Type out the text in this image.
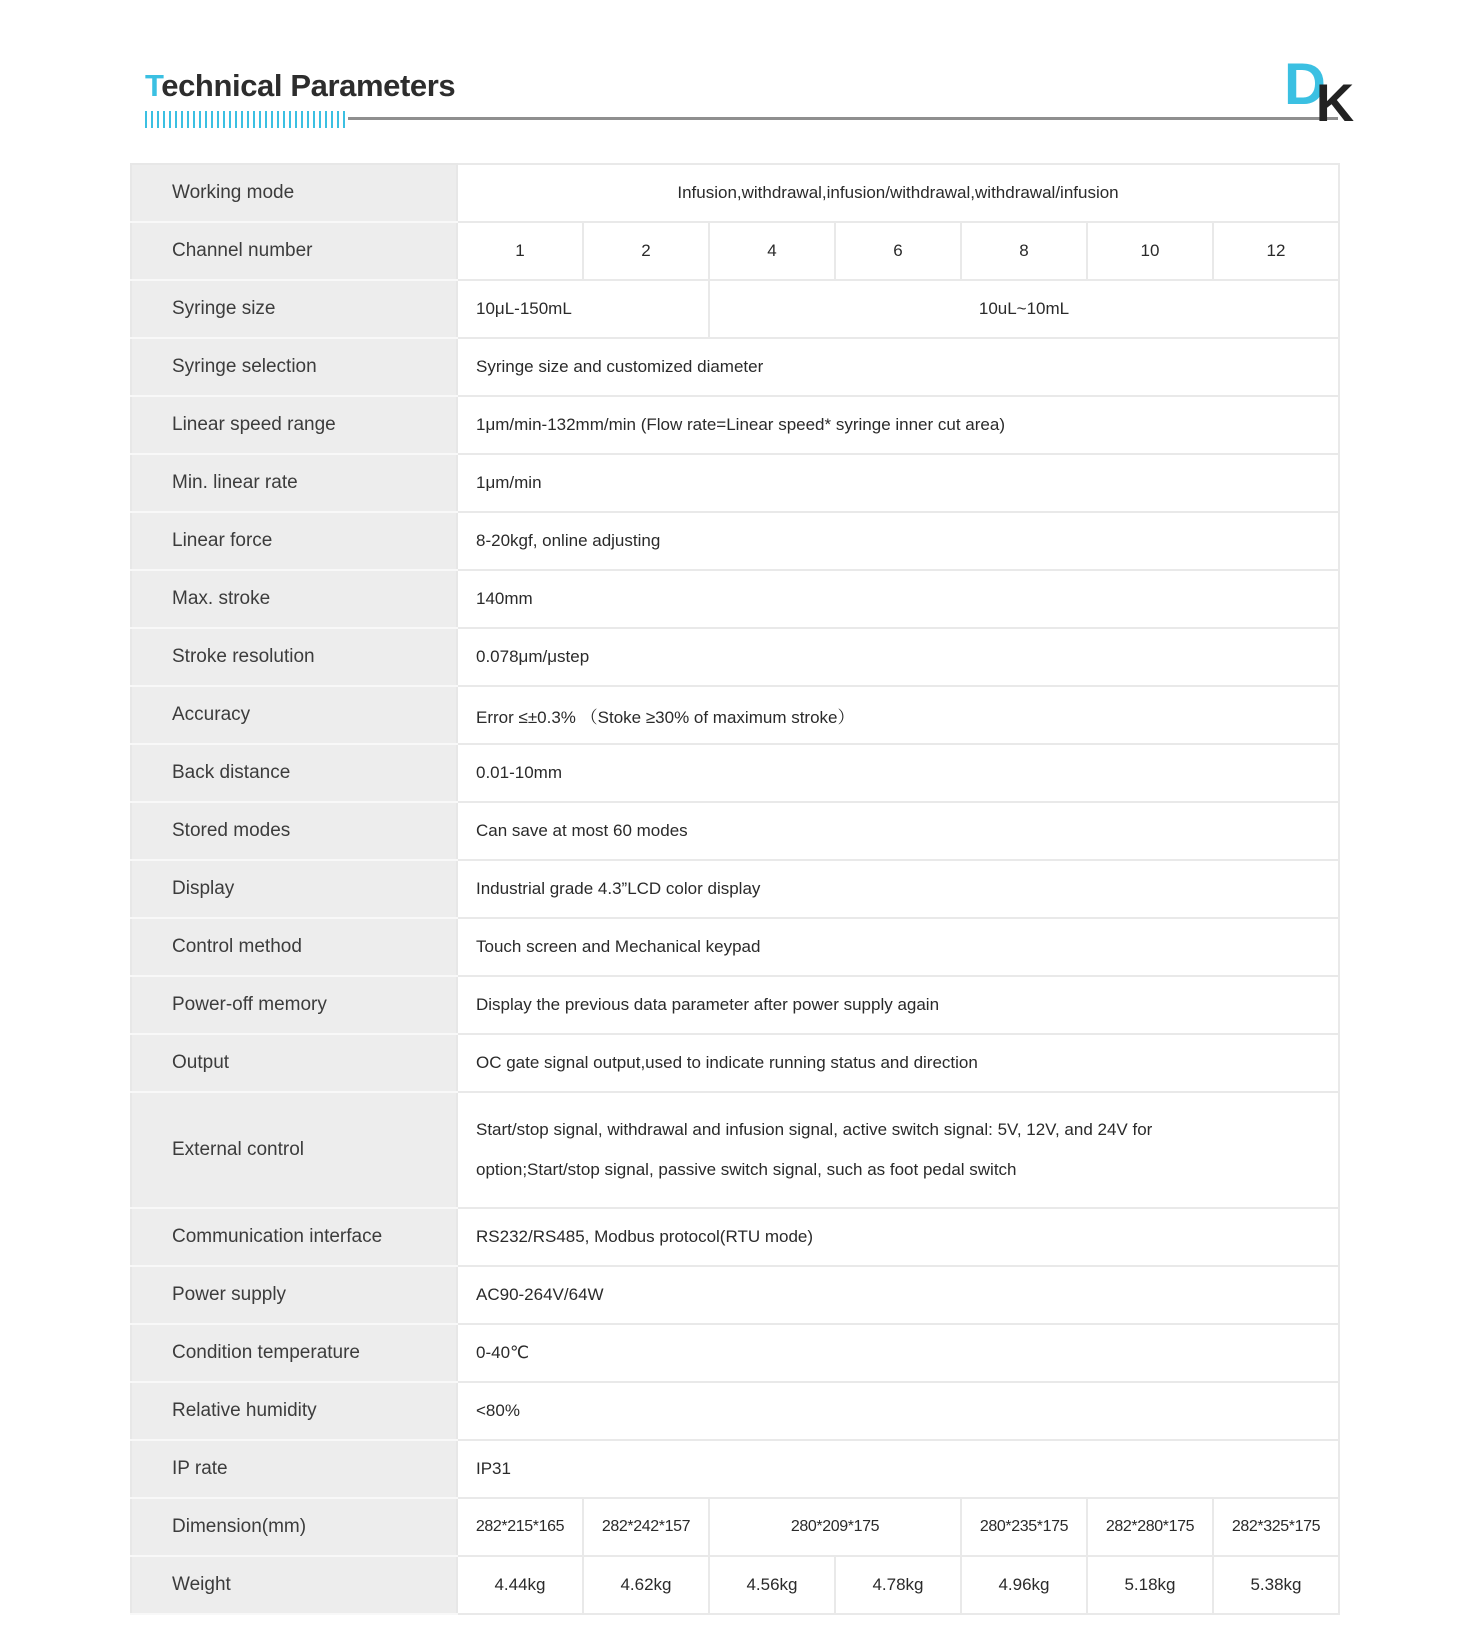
Technical Parameters	DK
Working mode	Infusion,withdrawal,infusion/withdrawal,withdrawal/infusion						
Channel number	1	2	4	6	8	10	12
Syringe size	10μL-150mL		10uL~10mL				
Syringe selection	Syringe size and customized diameter						
Linear speed range	1μm/min-132mm/min (Flow rate=Linear speed* syringe inner cut area)						
Min. linear rate	1μm/min						
Linear force	8-20kgf, online adjusting						
Max. stroke	140mm						
Stroke resolution	0.078μm/μstep						
Accuracy	Error ≤±0.3% （Stoke ≥30% of maximum stroke）						
Back distance	0.01-10mm						
Stored modes	Can save at most 60 modes						
Display	Industrial grade 4.3”LCD color display						
Control method	Touch screen and Mechanical keypad						
Power-off memory	Display the previous data parameter after power supply again						
Output	OC gate signal output,used to indicate running status and direction						
External control	Start/stop signal, withdrawal and infusion signal, active switch signal: 5V, 12V, and 24V for option;Start/stop signal, passive switch signal, such as foot pedal switch						

Communication interface	RS232/RS485, Modbus protocol(RTU mode)						
Power supply	AC90-264V/64W						
Condition temperature	0-40℃						
Relative humidity	<80%						
IP rate	IP31						
Dimension(mm)	282*215*165	282*242*157	280*209*175		280*235*175	282*280*175	282*325*175
Weight	4.44kg	4.62kg	4.56kg	4.78kg	4.96kg	5.18kg	5.38kg
